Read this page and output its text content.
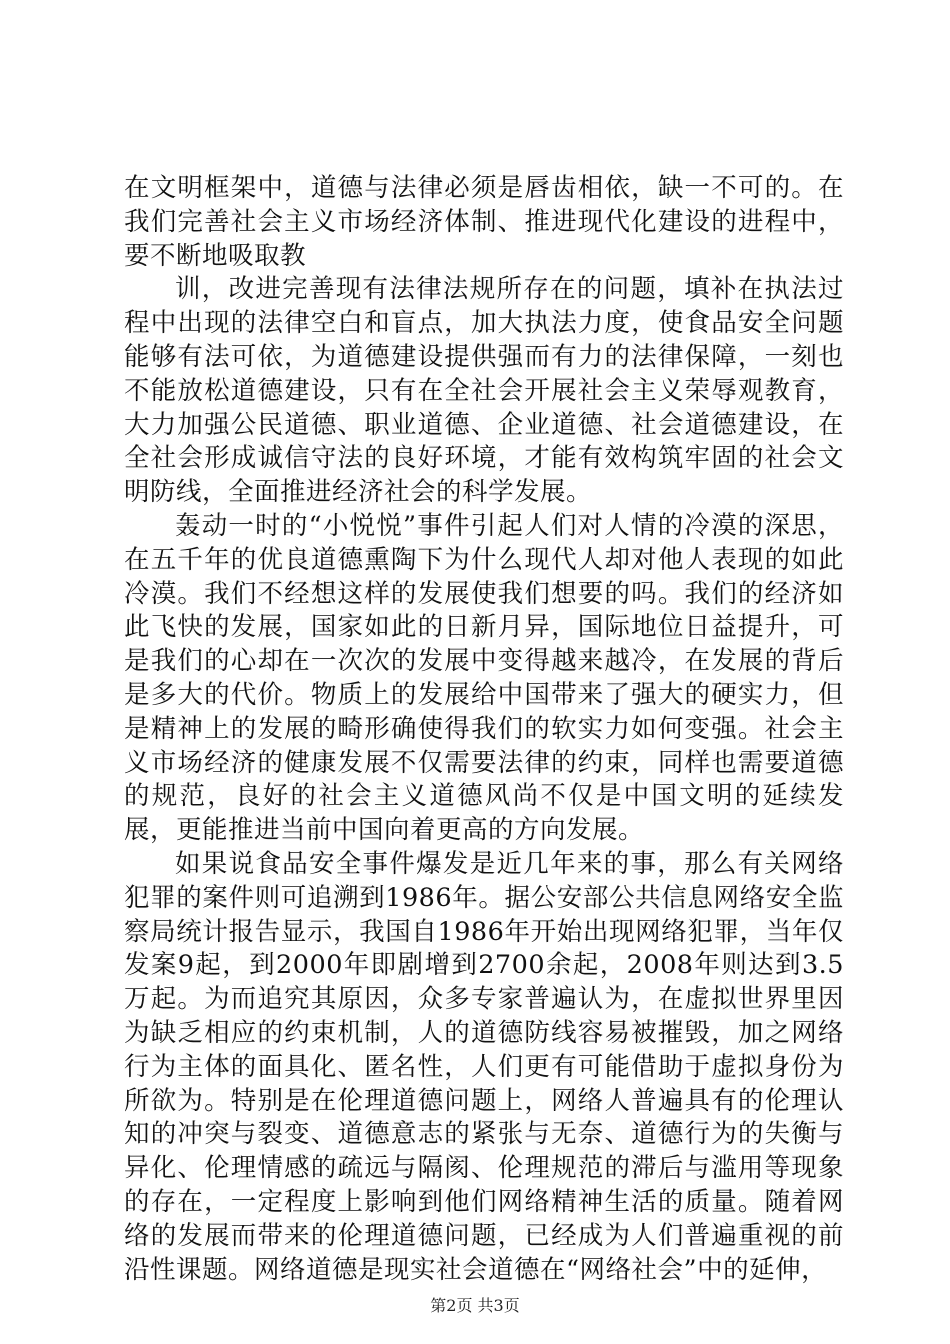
在文明框架中，道德与法律必须是唇齿相依，缺一不可的。在我们完善社会主义市场经济体制、推进现代化建设的进程中，要不断地吸取教

训，改进完善现有法律法规所存在的问题，填补在执法过程中出现的法律空白和盲点，加大执法力度，使食品安全问题能够有法可依，为道德建设提供强而有力的法律保障，一刻也不能放松道德建设，只有在全社会开展社会主义荣辱观教育，大力加强公民道德、职业道德、企业道德、社会道德建设，在全社会形成诚信守法的良好环境，才能有效构筑牢固的社会文明防线，全面推进经济社会的科学发展。

轰动一时的“小悦悦”事件引起人们对人情的冷漠的深思，在五千年的优良道德熏陶下为什么现代人却对他人表现的如此冷漠。我们不经想这样的发展使我们想要的吗。我们的经济如此飞快的发展，国家如此的日新月异，国际地位日益提升，可是我们的心却在一次次的发展中变得越来越冷，在发展的背后是多大的代价。物质上的发展给中国带来了强大的硬实力，但是精神上的发展的畸形确使得我们的软实力如何变强。社会主义市场经济的健康发展不仅需要法律的约束，同样也需要道德的规范，良好的社会主义道德风尚不仅是中国文明的延续发展，更能推进当前中国向着更高的方向发展。

如果说食品安全事件爆发是近几年来的事，那么有关网络犯罪的案件则可追溯到1986年。据公安部公共信息网络安全监察局统计报告显示，我国自1986年开始出现网络犯罪，当年仅发案9起，到2000年即剧增到2700余起，2008年则达到3.5万起。为而追究其原因，众多专家普遍认为，在虚拟世界里因为缺乏相应的约束机制，人的道德防线容易被摧毁，加之网络行为主体的面具化、匿名性，人们更有可能借助于虚拟身份为所欲为。特别是在伦理道德问题上，网络人普遍具有的伦理认知的冲突与裂变、道德意志的紧张与无奈、道德行为的失衡与异化、伦理情感的疏远与隔阂、伦理规范的滞后与滥用等现象的存在，一定程度上影响到他们网络精神生活的质量。随着网络的发展而带来的伦理道德问题，已经成为人们普遍重视的前沿性课题。网络道德是现实社会道德在“网络社会”中的延伸，

第2页 共3页
